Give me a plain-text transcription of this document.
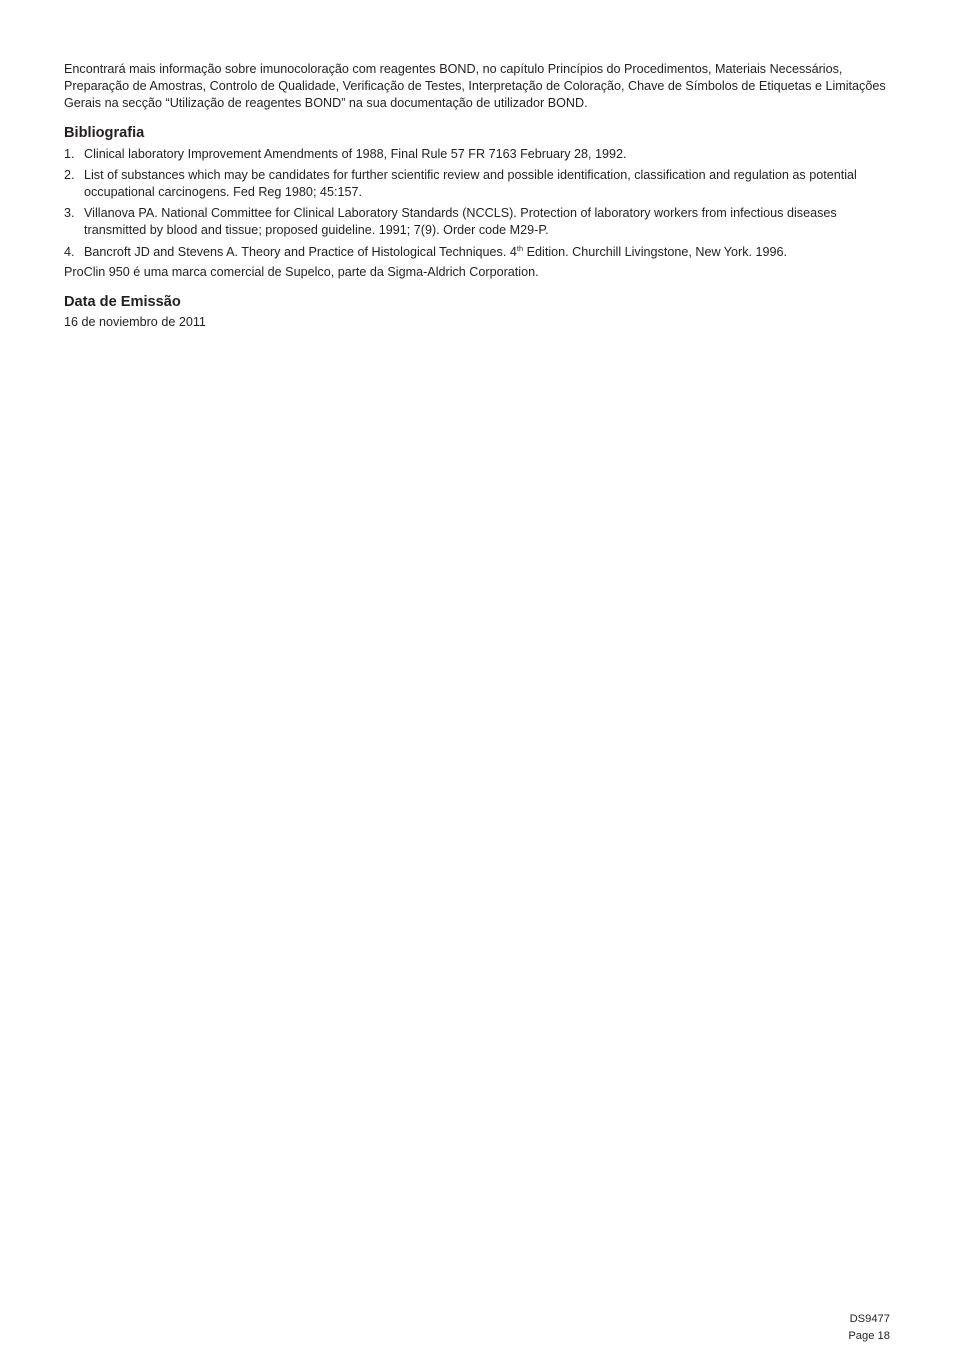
Encontrará mais informação sobre imunocoloração com reagentes BOND, no capítulo Princípios do Procedimentos, Materiais Necessários, Preparação de Amostras, Controlo de Qualidade, Verificação de Testes, Interpretação de Coloração, Chave de Símbolos de Etiquetas e Limitações Gerais na secção “Utilização de reagentes BOND” na sua documentação de utilizador BOND.

Bibliografia
1. Clinical laboratory Improvement Amendments of 1988, Final Rule 57 FR 7163 February 28, 1992.
2. List of substances which may be candidates for further scientific review and possible identification, classification and regulation as potential occupational carcinogens. Fed Reg 1980; 45:157.
3. Villanova PA. National Committee for Clinical Laboratory Standards (NCCLS). Protection of laboratory workers from infectious diseases transmitted by blood and tissue; proposed guideline. 1991; 7(9). Order code M29-P.
4. Bancroft JD and Stevens A. Theory and Practice of Histological Techniques. 4th Edition. Churchill Livingstone, New York. 1996.

ProClin 950 é uma marca comercial de Supelco, parte da Sigma-Aldrich Corporation.

Data de Emissão

16 de noviembro de 2011

DS9477
Page 18
